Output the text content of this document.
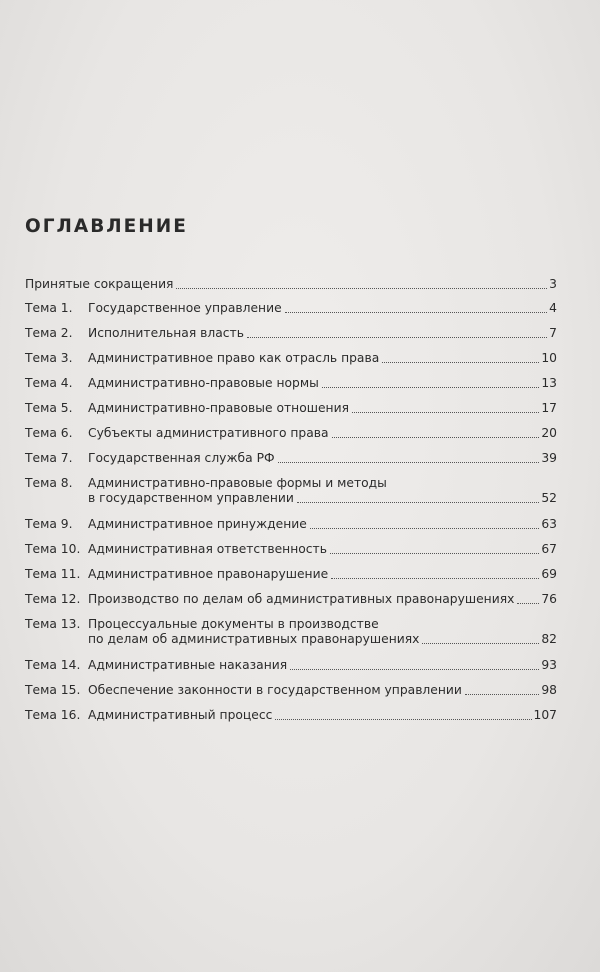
ОГЛАВЛЕНИЕ
Принятые сокращения	3
Тема 1.	Государственное управление	4
Тема 2.	Исполнительная власть	7
Тема 3.	Административное право как отрасль права	10
Тема 4.	Административно-правовые нормы	13
Тема 5.	Административно-правовые отношения	17
Тема 6.	Субъекты административного права	20
Тема 7.	Государственная служба РФ	39
Тема 8.	Административно-правовые формы и методы
в государственном управлении	52
Тема 9.	Административное принуждение	63
Тема 10. Административная ответственность	67
Тема 11. Административное правонарушение	69
Тема 12. Производство по делам об административных правонарушениях 76
Тема 13. Процессуальные документы в производстве
по делам об административных правонарушениях	82
Тема 14. Административные наказания	93
Тема 15. Обеспечение законности в государственном управлении	98
Тема 16. Административный процесс	107
